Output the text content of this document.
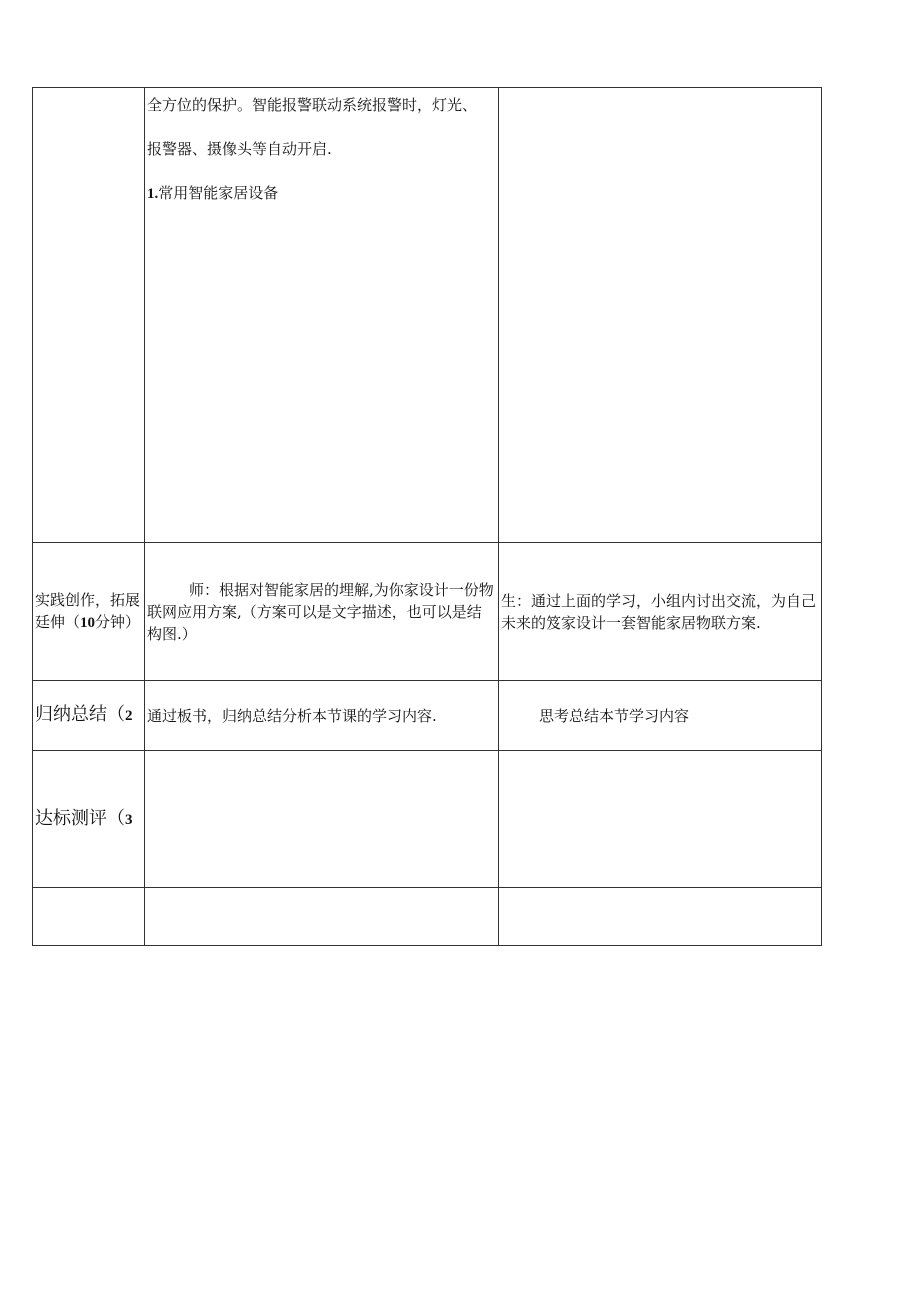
	全方位的保护。智能报警联动系统报警时，灯光、
报警器、摄像头等自动开启.
1.常用智能家居设备	

实践创作，拓展
廷伸（10分钟）	师：根据对智能家居的埋解,为你家设计一份物联网应用方案,（方案可以是文字描述，也可以是结构图.）	生：通过上面的学习，小组内讨出交流，为自己未来的笈家设计一套智能家居物联方案.

归纳总结（2	通过板书，归纳总结分析本节课的学习内容.	思考总结本节学习内容

达标测评（3		
